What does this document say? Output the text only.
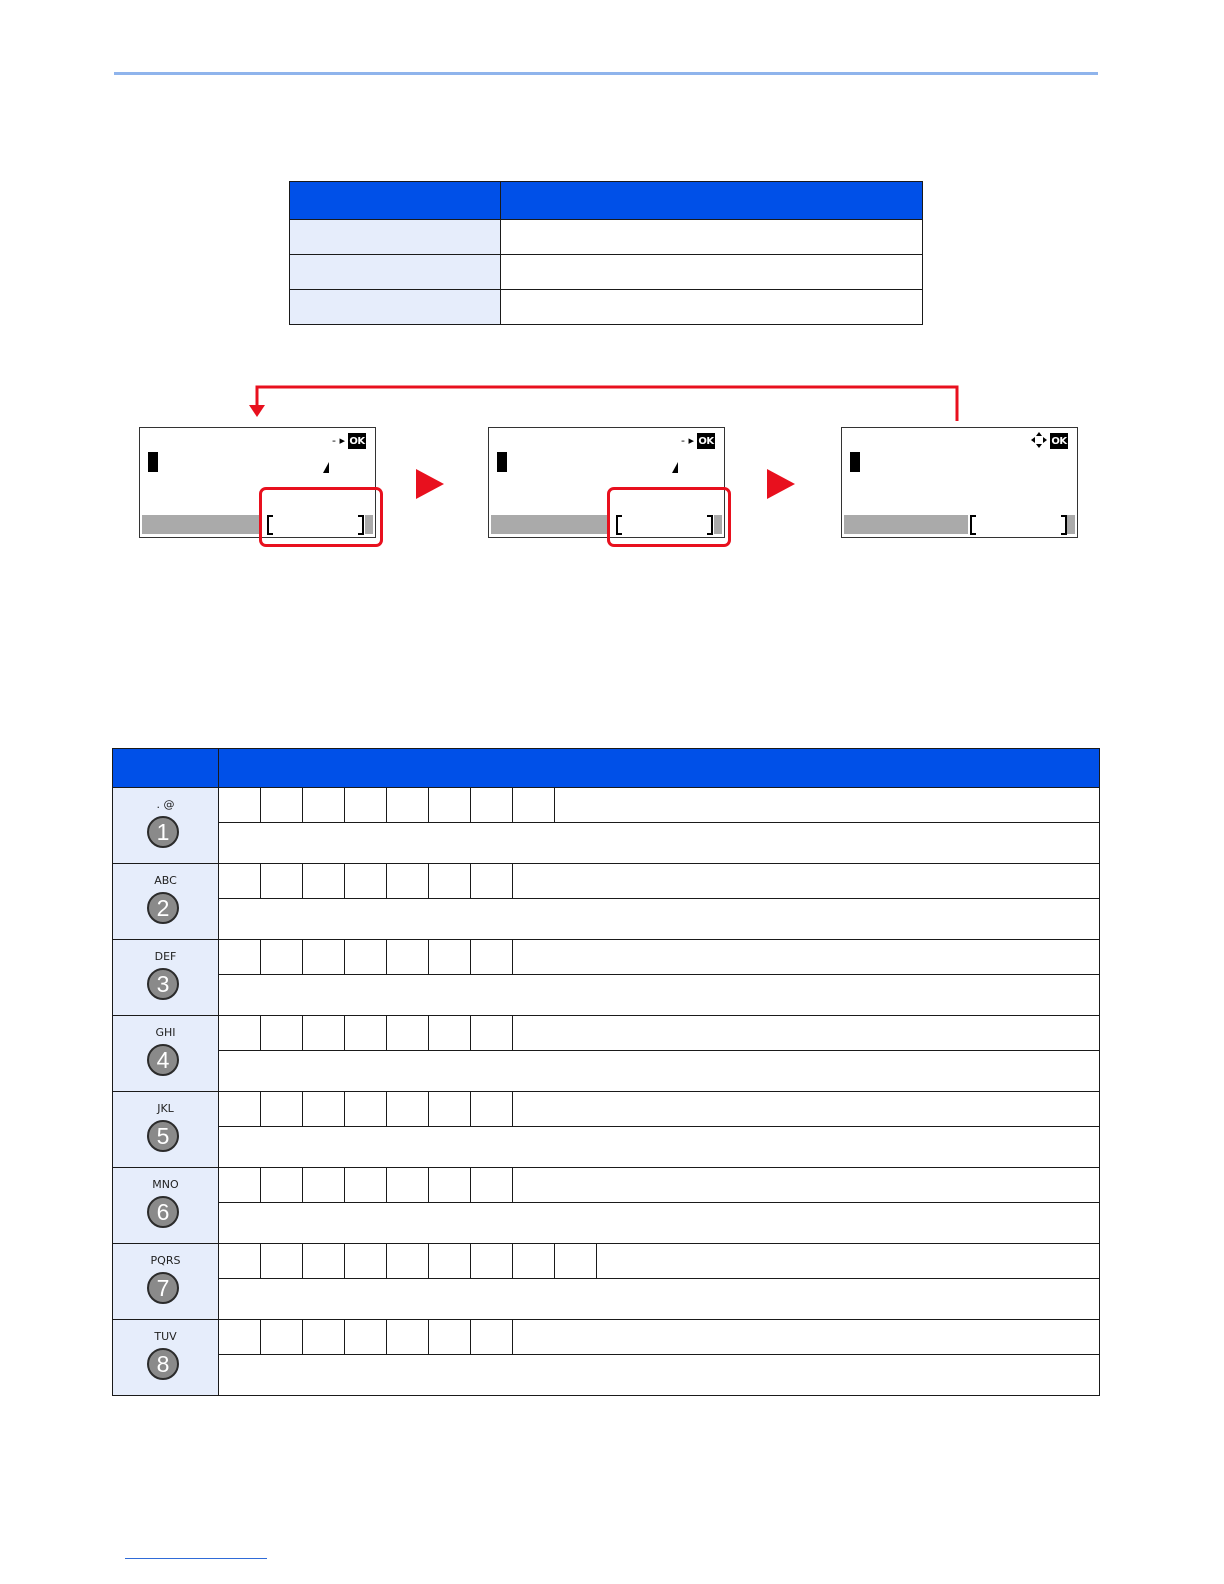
- ▸ OK	- ▸ OK	OK

. @
1										

ABC
2										

DEF
3										

GHI
4										

JKL
5										

MNO
6										

PQRS
7										

TUV
8										
